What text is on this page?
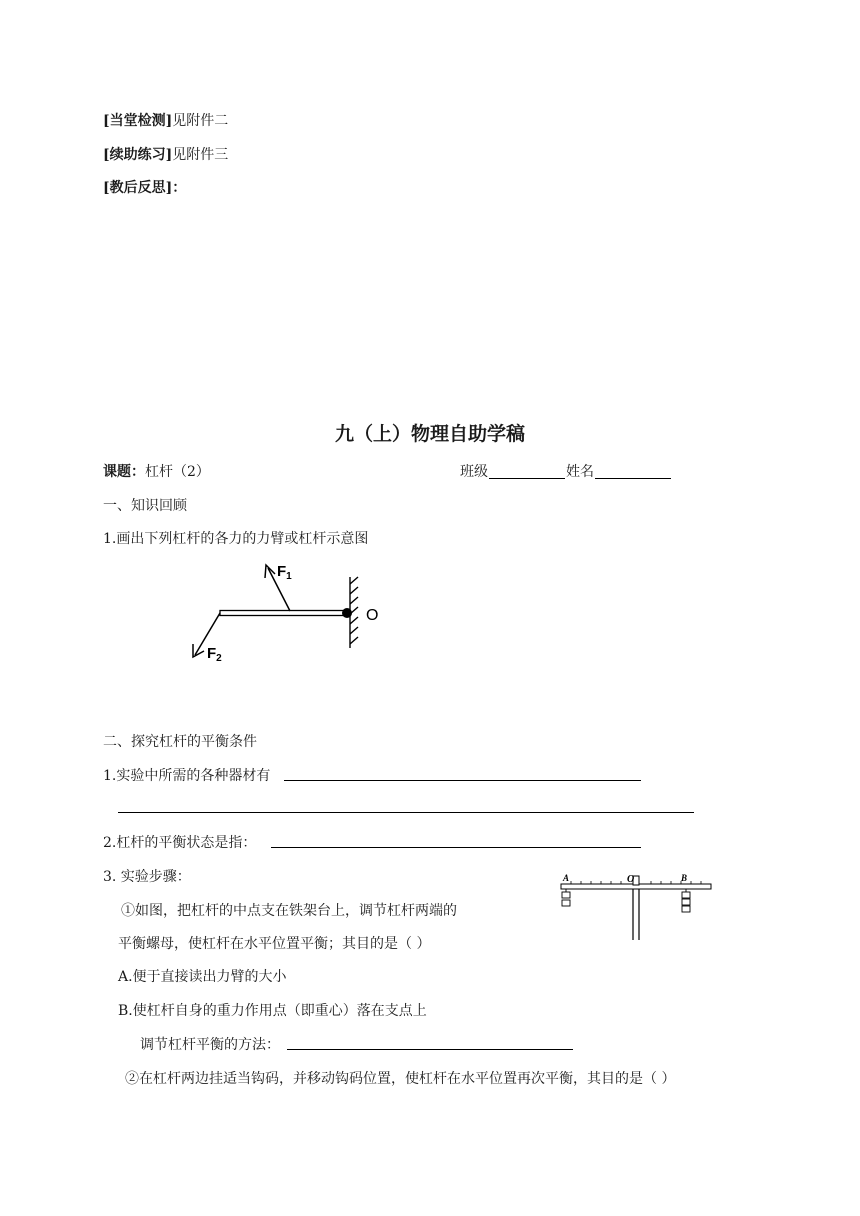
[当堂检测]见附件二
[续助练习]见附件三
[教后反思]：
九（上）物理自助学稿
课题：杠杆（2）	班级	姓名
一、知识回顾
1.画出下列杠杆的各力的力臂或杠杆示意图
$F_1$
$F_2$
O
二、探究杠杆的平衡条件
1.实验中所需的各种器材有
2.杠杆的平衡状态是指：
3. 实验步骤：
①如图，把杠杆的中点支在铁架台上，调节杠杆两端的
平衡螺母，使杠杆在水平位置平衡；其目的是（ ）
A.便于直接读出力臂的大小
B.使杠杆自身的重力作用点（即重心）落在支点上
调节杠杆平衡的方法：
②在杠杆两边挂适当钩码，并移动钩码位置，使杠杆在水平位置再次平衡，其目的是（ ）
A	O	B
